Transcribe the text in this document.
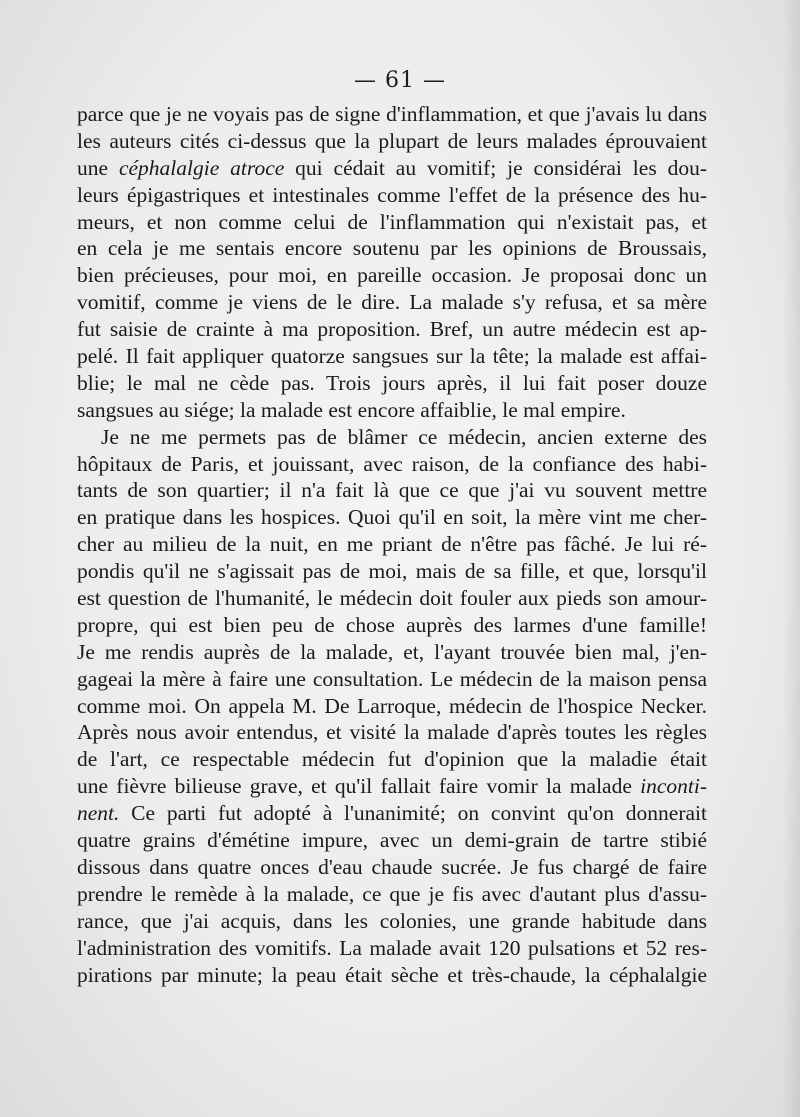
— 61 —
parce que je ne voyais pas de signe d'inflammation, et que j'avais lu dans
les auteurs cités ci-dessus que la plupart de leurs malades éprouvaient
une céphalalgie atroce qui cédait au vomitif; je considérai les dou-
leurs épigastriques et intestinales comme l'effet de la présence des hu-
meurs, et non comme celui de l'inflammation qui n'existait pas, et
en cela je me sentais encore soutenu par les opinions de Broussais,
bien précieuses, pour moi, en pareille occasion. Je proposai donc un
vomitif, comme je viens de le dire. La malade s'y refusa, et sa mère
fut saisie de crainte à ma proposition. Bref, un autre médecin est ap-
pelé. Il fait appliquer quatorze sangsues sur la tête; la malade est affai-
blie; le mal ne cède pas. Trois jours après, il lui fait poser douze
sangsues au siége; la malade est encore affaiblie, le mal empire.
Je ne me permets pas de blâmer ce médecin, ancien externe des
hôpitaux de Paris, et jouissant, avec raison, de la confiance des habi-
tants de son quartier; il n'a fait là que ce que j'ai vu souvent mettre
en pratique dans les hospices. Quoi qu'il en soit, la mère vint me cher-
cher au milieu de la nuit, en me priant de n'être pas fâché. Je lui ré-
pondis qu'il ne s'agissait pas de moi, mais de sa fille, et que, lorsqu'il
est question de l'humanité, le médecin doit fouler aux pieds son amour-
propre, qui est bien peu de chose auprès des larmes d'une famille!
Je me rendis auprès de la malade, et, l'ayant trouvée bien mal, j'en-
gageai la mère à faire une consultation. Le médecin de la maison pensa
comme moi. On appela M. De Larroque, médecin de l'hospice Necker.
Après nous avoir entendus, et visité la malade d'après toutes les règles
de l'art, ce respectable médecin fut d'opinion que la maladie était
une fièvre bilieuse grave, et qu'il fallait faire vomir la malade inconti-
nent. Ce parti fut adopté à l'unanimité; on convint qu'on donnerait
quatre grains d'émétine impure, avec un demi-grain de tartre stibié
dissous dans quatre onces d'eau chaude sucrée. Je fus chargé de faire
prendre le remède à la malade, ce que je fis avec d'autant plus d'assu-
rance, que j'ai acquis, dans les colonies, une grande habitude dans
l'administration des vomitifs. La malade avait 120 pulsations et 52 res-
pirations par minute; la peau était sèche et très-chaude, la céphalalgie
